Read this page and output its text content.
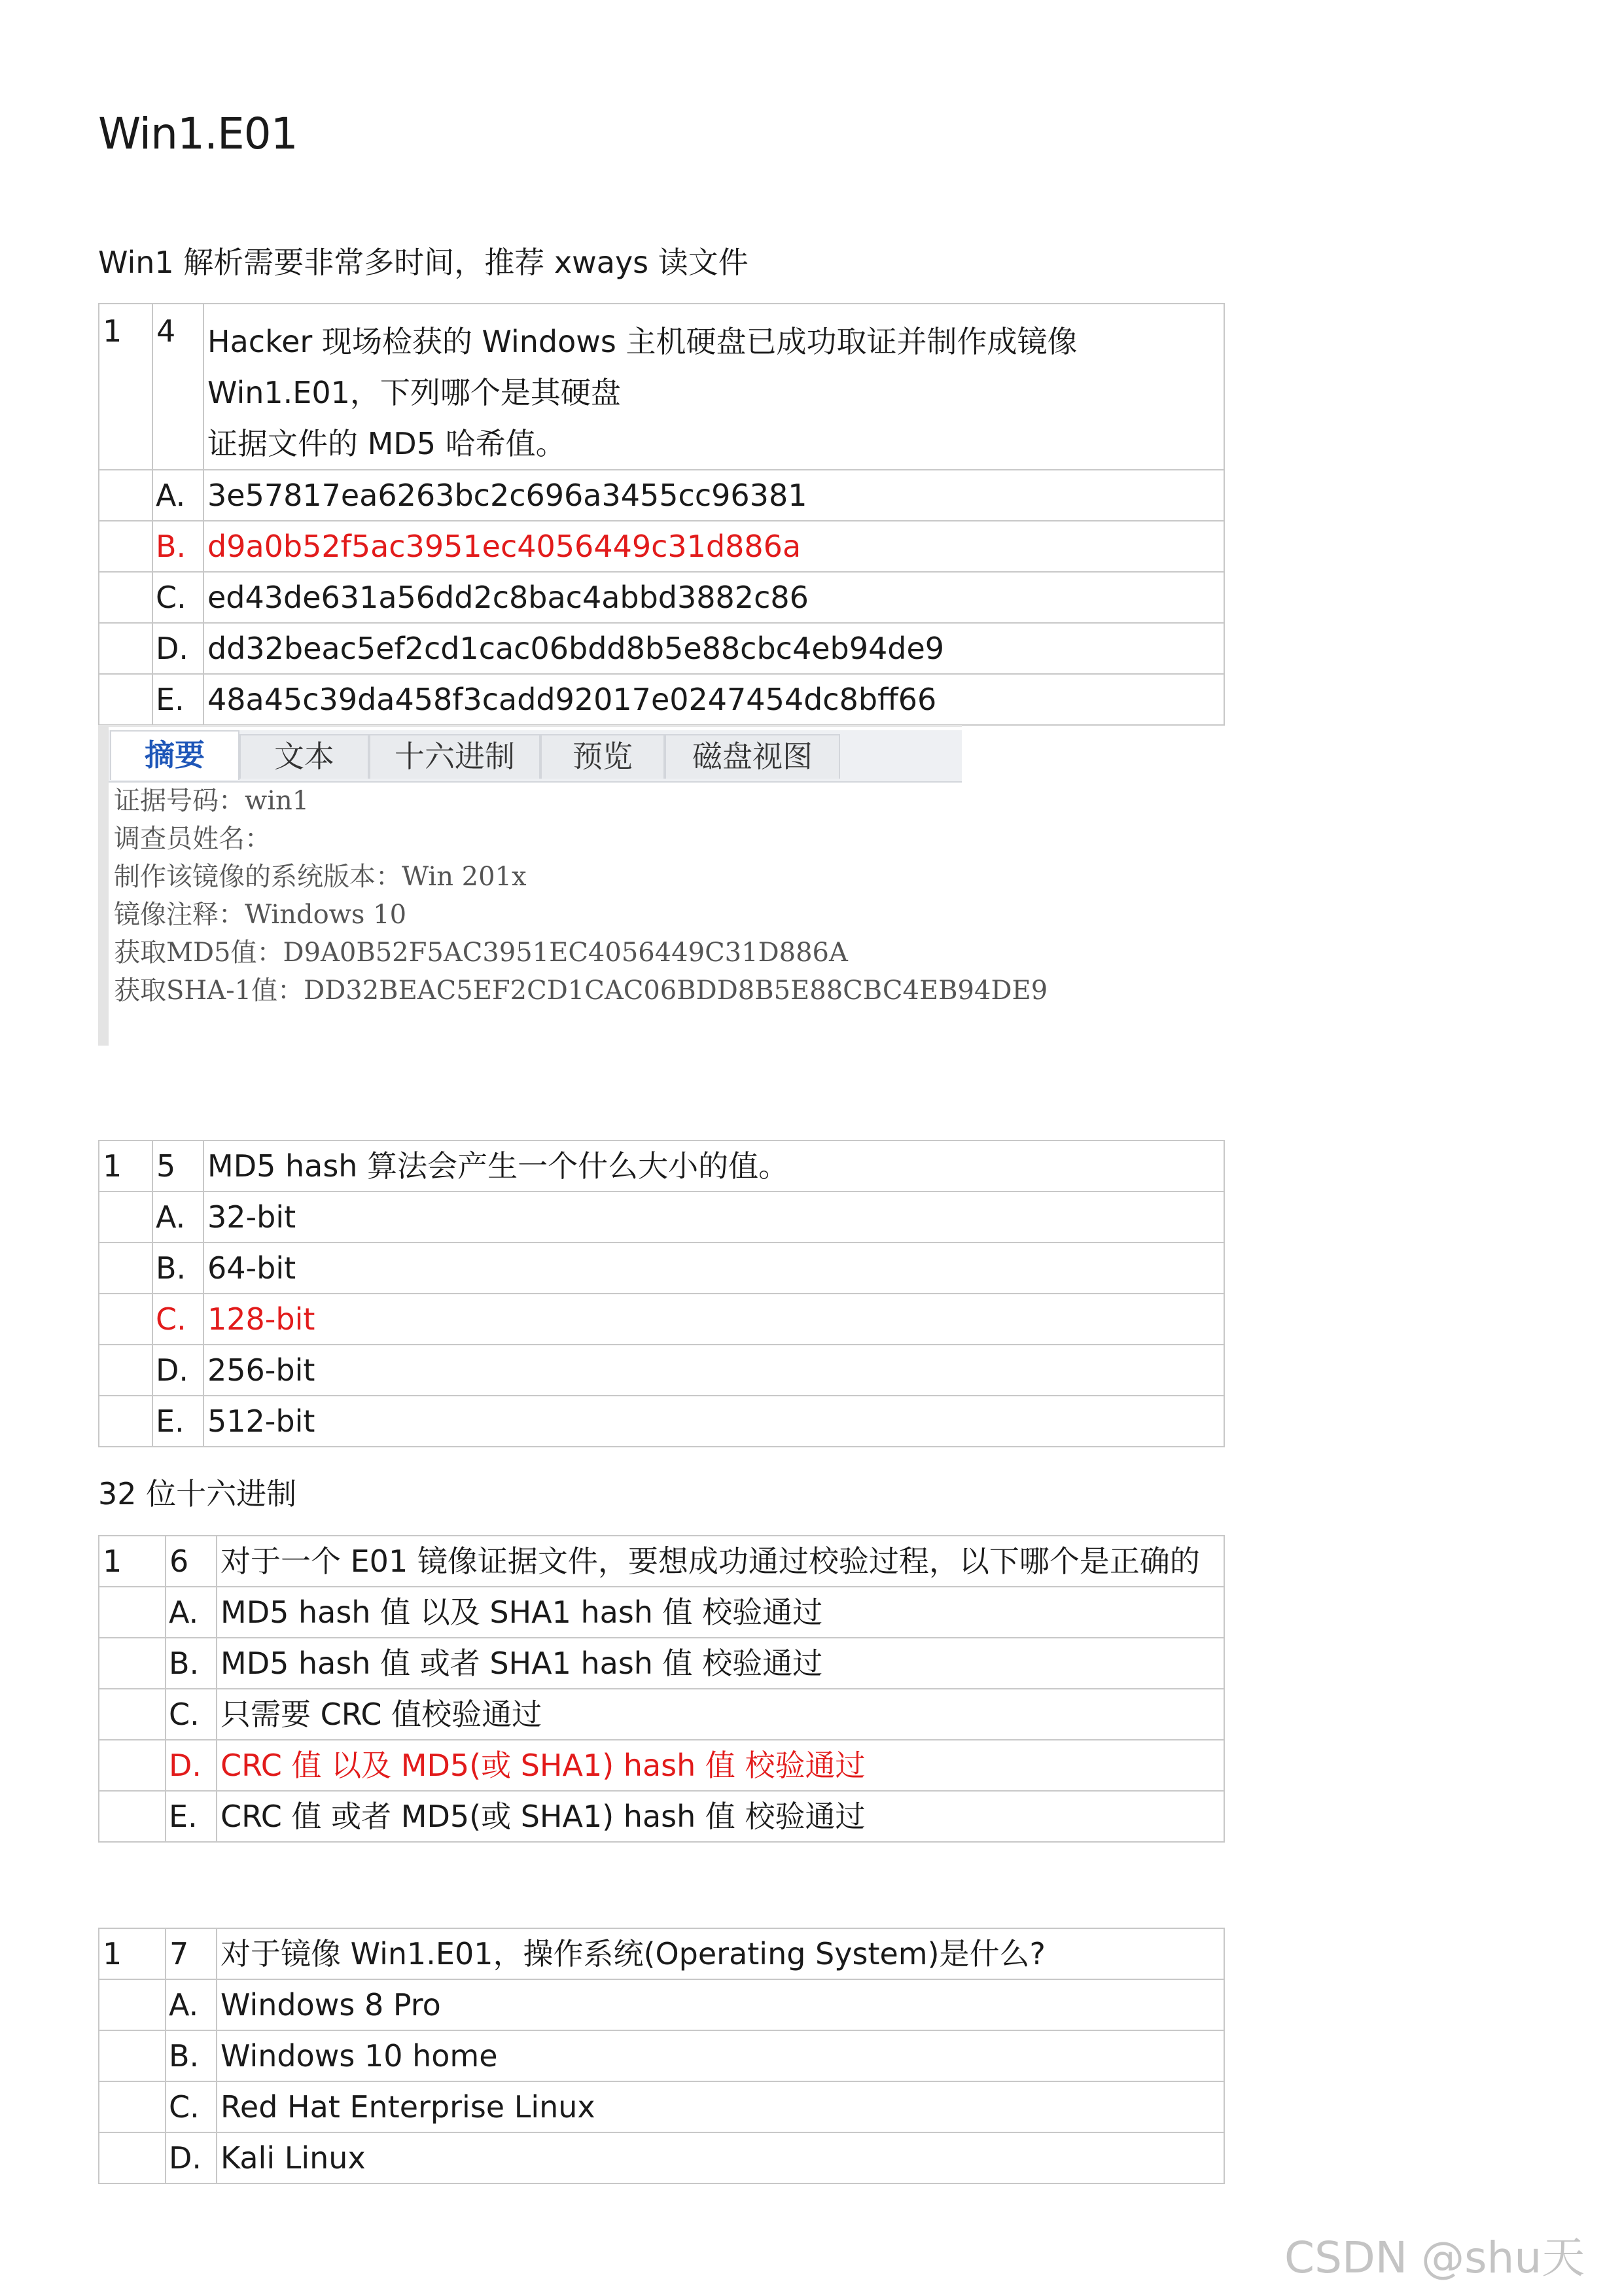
Win1.E01
Win1 解析需要非常多时间，推荐 xways 读文件
1	4	Hacker 现场检获的 Windows 主机硬盘已成功取证并制作成镜像
Win1.E01，下列哪个是其硬盘
证据文件的 MD5 哈希值。

	A.	3e57817ea6263bc2c696a3455cc96381
	B.	d9a0b52f5ac3951ec4056449c31d886a
	C.	ed43de631a56dd2c8bac4abbd3882c86
	D.	dd32beac5ef2cd1cac06bdd8b5e88cbc4eb94de9
	E.	48a45c39da458f3cadd92017e0247454dc8bff66
摘要	文本	十六进制	预览	磁盘视图
证据号码：win1
调查员姓名：
制作该镜像的系统版本：Win 201x
镜像注释：Windows 10
获取MD5值：D9A0B52F5AC3951EC4056449C31D886A
获取SHA-1值：DD32BEAC5EF2CD1CAC06BDD8B5E88CBC4EB94DE9
1	5	MD5 hash 算法会产生一个什么大小的值。
	A.	32-bit
	B.	64-bit
	C.	128-bit
	D.	256-bit
	E.	512-bit
32 位十六进制
1	6	对于一个 E01 镜像证据文件，要想成功通过校验过程，以下哪个是正确的
	A.	MD5 hash 值 以及 SHA1 hash 值 校验通过
	B.	MD5 hash 值 或者 SHA1 hash 值 校验通过
	C.	只需要 CRC 值校验通过
	D.	CRC 值 以及 MD5(或 SHA1) hash 值 校验通过
	E.	CRC 值 或者 MD5(或 SHA1) hash 值 校验通过
1	7	对于镜像 Win1.E01，操作系统(Operating System)是什么?
	A.	Windows 8 Pro
	B.	Windows 10 home
	C.	Red Hat Enterprise Linux
	D.	Kali Linux
CSDN @shu天
